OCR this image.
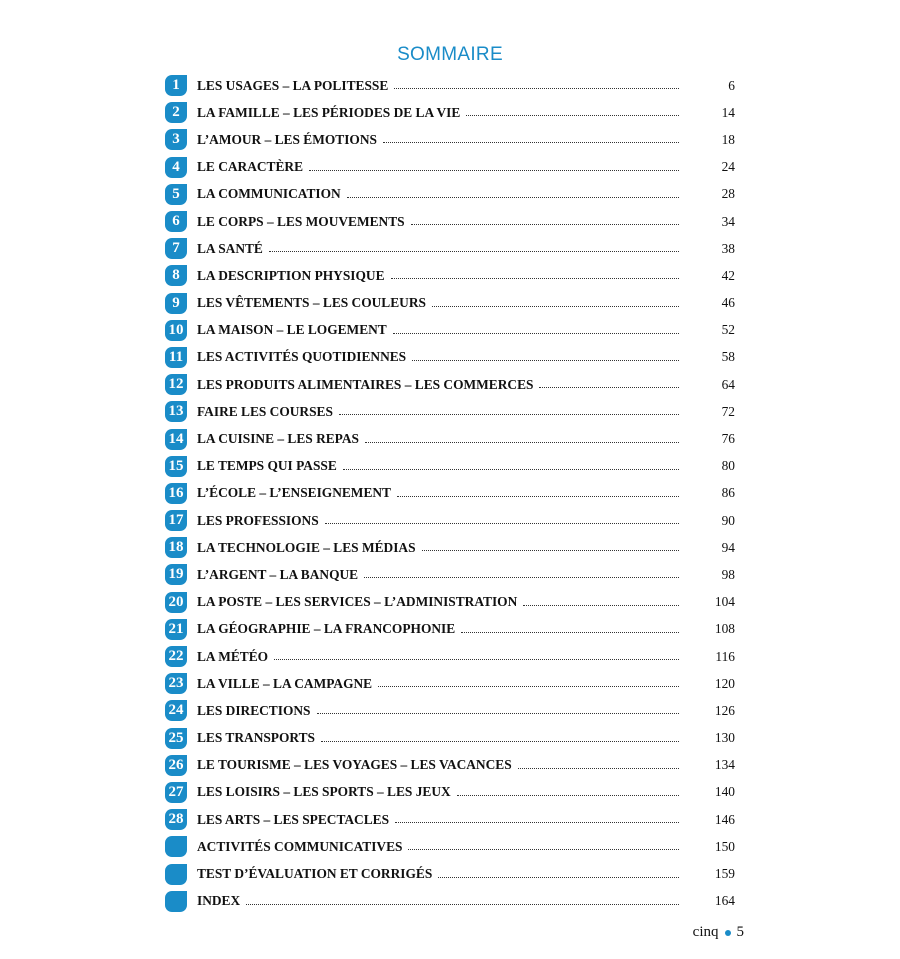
SOMMAIRE
1	LES USAGES – LA POLITESSE	6
2	LA FAMILLE – LES PÉRIODES DE LA VIE	14
3	L’AMOUR – LES ÉMOTIONS	18
4	LE CARACTÈRE	24
5	LA COMMUNICATION	28
6	LE CORPS – LES MOUVEMENTS	34
7	LA SANTÉ	38
8	LA DESCRIPTION PHYSIQUE	42
9	LES VÊTEMENTS – LES COULEURS	46
10 LA MAISON – LE LOGEMENT	52
11 LES ACTIVITÉS QUOTIDIENNES	58
12 LES PRODUITS ALIMENTAIRES – LES COMMERCES	64
13 FAIRE LES COURSES	72
14 LA CUISINE – LES REPAS	76
15 LE TEMPS QUI PASSE	80
16 L’ÉCOLE – L’ENSEIGNEMENT	86
17 LES PROFESSIONS	90
18 LA TECHNOLOGIE – LES MÉDIAS	94
19 L’ARGENT – LA BANQUE	98
20 LA POSTE – LES SERVICES – L’ADMINISTRATION	104
21 LA GÉOGRAPHIE – LA FRANCOPHONIE	108
22 LA MÉTÉO	116
23 LA VILLE – LA CAMPAGNE	120
24 LES DIRECTIONS	126
25 LES TRANSPORTS	130
26 LE TOURISME – LES VOYAGES – LES VACANCES	134
27 LES LOISIRS – LES SPORTS – LES JEUX	140
28 LES ARTS – LES SPECTACLES	146
ACTIVITÉS COMMUNICATIVES	150
TEST D’ÉVALUATION ET CORRIGÉS	159
INDEX	164
cinq 5
